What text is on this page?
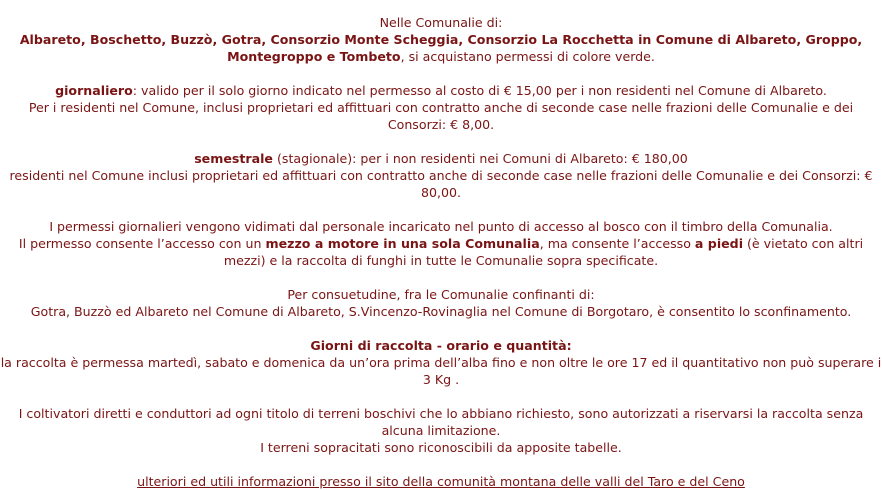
Nelle Comunalie di:

Albareto, Boschetto, Buzzò, Gotra, Consorzio Monte Scheggia, Consorzio La Rocchetta in Comune di Albareto, Groppo, Montegroppo e Tombeto, si acquistano permessi di colore verde.

giornaliero: valido per il solo giorno indicato nel permesso al costo di € 15,00 per i non residenti nel Comune di Albareto.

Per i residenti nel Comune, inclusi proprietari ed affittuari con contratto anche di seconde case nelle frazioni delle Comunalie e dei Consorzi: € 8,00.

semestrale (stagionale): per i non residenti nei Comuni di Albareto: € 180,00

residenti nel Comune inclusi proprietari ed affittuari con contratto anche di seconde case nelle frazioni delle Comunalie e dei Consorzi: € 80,00.

I permessi giornalieri vengono vidimati dal personale incaricato nel punto di accesso al bosco con il timbro della Comunalia.

Il permesso consente l’accesso con un mezzo a motore in una sola Comunalia, ma consente l’accesso a piedi (è vietato con altri mezzi) e la raccolta di funghi in tutte le Comunalie sopra specificate.

Per consuetudine, fra le Comunalie confinanti di:

Gotra, Buzzò ed Albareto nel Comune di Albareto, S.Vincenzo-Rovinaglia nel Comune di Borgotaro, è consentito lo sconfinamento.

Giorni di raccolta - orario e quantità:

la raccolta è permessa martedì, sabato e domenica da un’ora prima dell’alba fino e non oltre le ore 17 ed il quantitativo non può superare i 3 Kg .

I coltivatori diretti e conduttori ad ogni titolo di terreni boschivi che lo abbiano richiesto, sono autorizzati a riservarsi la raccolta senza alcuna limitazione.

I terreni sopracitati sono riconoscibili da apposite tabelle.

ulteriori ed utili informazioni presso il sito della comunità montana delle valli del Taro e del Ceno
